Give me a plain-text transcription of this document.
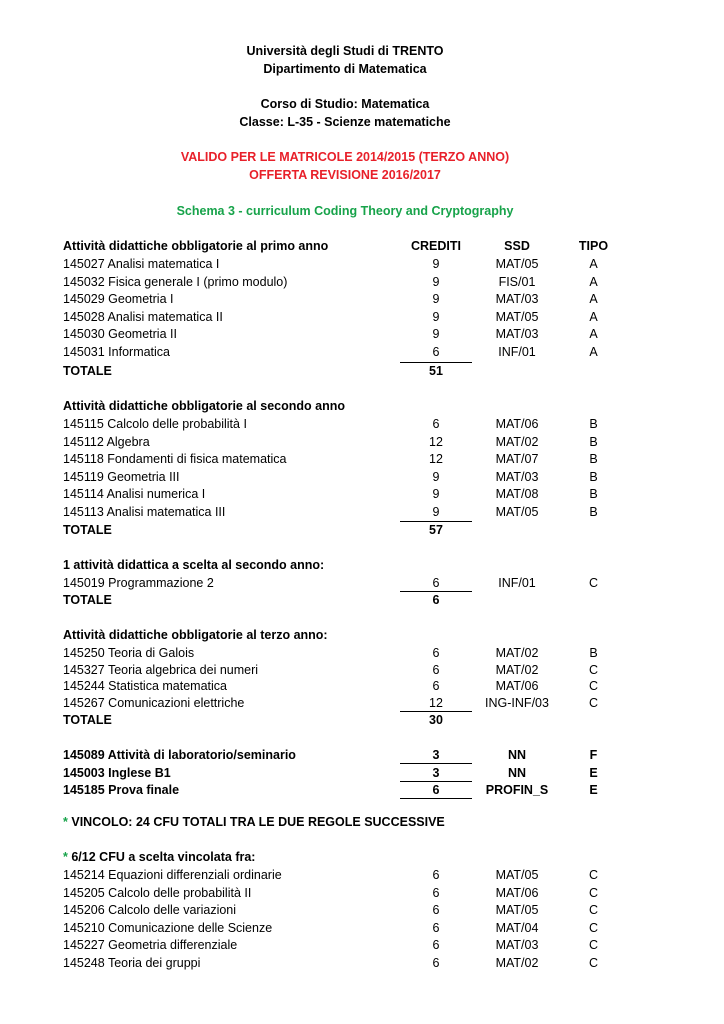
Università degli Studi di TRENTO
Dipartimento di Matematica
Corso di Studio: Matematica
Classe: L-35 - Scienze matematiche
VALIDO PER LE MATRICOLE 2014/2015 (TERZO ANNO)
OFFERTA REVISIONE 2016/2017
Schema 3 - curriculum Coding Theory and Cryptography
Attività didattiche obbligatorie al primo anno	CREDITI	SSD	TIPO
145027 Analisi matematica I	9	MAT/05	A
145032 Fisica generale I (primo modulo)	9	FIS/01	A
145029 Geometria I	9	MAT/03	A
145028 Analisi matematica II	9	MAT/05	A
145030 Geometria II	9	MAT/03	A
145031 Informatica	6	INF/01	A
TOTALE	51
Attività didattiche obbligatorie al secondo anno
145115 Calcolo delle probabilità I	6	MAT/06	B
145112 Algebra	12	MAT/02	B
145118 Fondamenti di fisica matematica	12	MAT/07	B
145119 Geometria III	9	MAT/03	B
145114 Analisi numerica I	9	MAT/08	B
145113 Analisi matematica III	9	MAT/05	B
TOTALE	57
1 attività didattica a scelta al secondo anno:
145019 Programmazione 2	6	INF/01	C
TOTALE	6
Attività didattiche obbligatorie al terzo anno:
145250 Teoria di Galois	6	MAT/02	B
145327 Teoria algebrica dei numeri	6	MAT/02	C
145244 Statistica matematica	6	MAT/06	C
145267 Comunicazioni elettriche	12	ING-INF/03	C
TOTALE	30
145089 Attività di laboratorio/seminario	3	NN	F
145003 Inglese B1	3	NN	E
145185 Prova finale	6	PROFIN_S	E
* VINCOLO: 24 CFU TOTALI TRA LE DUE REGOLE SUCCESSIVE
* 6/12 CFU a scelta vincolata fra:
145214 Equazioni differenziali ordinarie	6	MAT/05	C
145205 Calcolo delle probabilità II	6	MAT/06	C
145206 Calcolo delle variazioni	6	MAT/05	C
145210 Comunicazione delle Scienze	6	MAT/04	C
145227 Geometria differenziale	6	MAT/03	C
145248 Teoria dei gruppi	6	MAT/02	C
